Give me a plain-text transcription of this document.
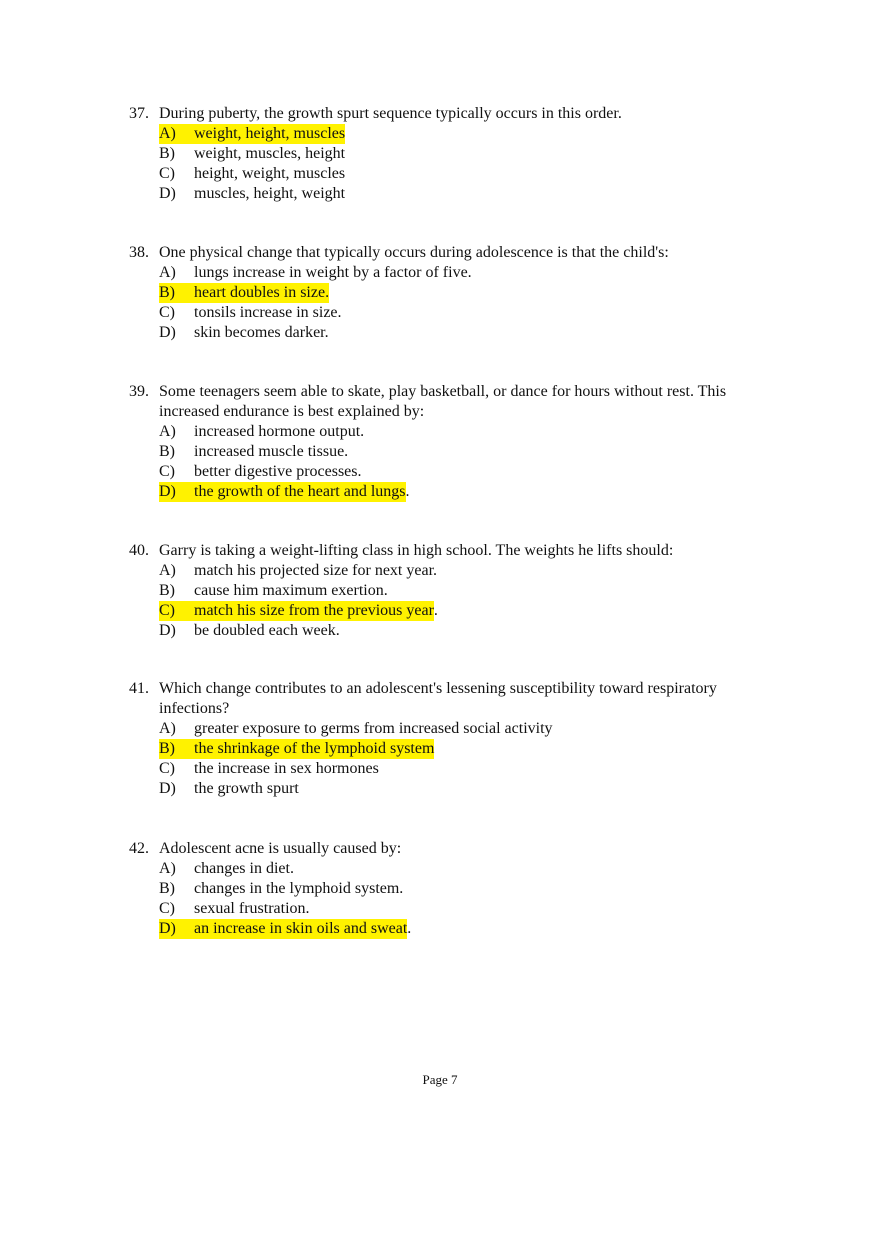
37. During puberty, the growth spurt sequence typically occurs in this order.
A)	weight, height, muscles
B)	weight, muscles, height
C)	height, weight, muscles
D)	muscles, height, weight
38. One physical change that typically occurs during adolescence is that the child's:
A)	lungs increase in weight by a factor of five.
B)	heart doubles in size.
C)	tonsils increase in size.
D)	skin becomes darker.
39. Some teenagers seem able to skate, play basketball, or dance for hours without rest. This increased endurance is best explained by:
A)	increased hormone output.
B)	increased muscle tissue.
C)	better digestive processes.
D)	the growth of the heart and lungs .
40. Garry is taking a weight-lifting class in high school. The weights he lifts should:
A)	match his projected size for next year.
B)	cause him maximum exertion.
C)	match his size from the previous year .
D)	be doubled each week.
41. Which change contributes to an adolescent's lessening susceptibility toward respiratory infections?
A)	greater exposure to germs from increased social activity
B)	the shrinkage of the lymphoid system
C)	the increase in sex hormones
D)	the growth spurt
42. Adolescent acne is usually caused by:
A)	changes in diet.
B)	changes in the lymphoid system.
C)	sexual frustration.
D)	an increase in skin oils and sweat .
Page 7
